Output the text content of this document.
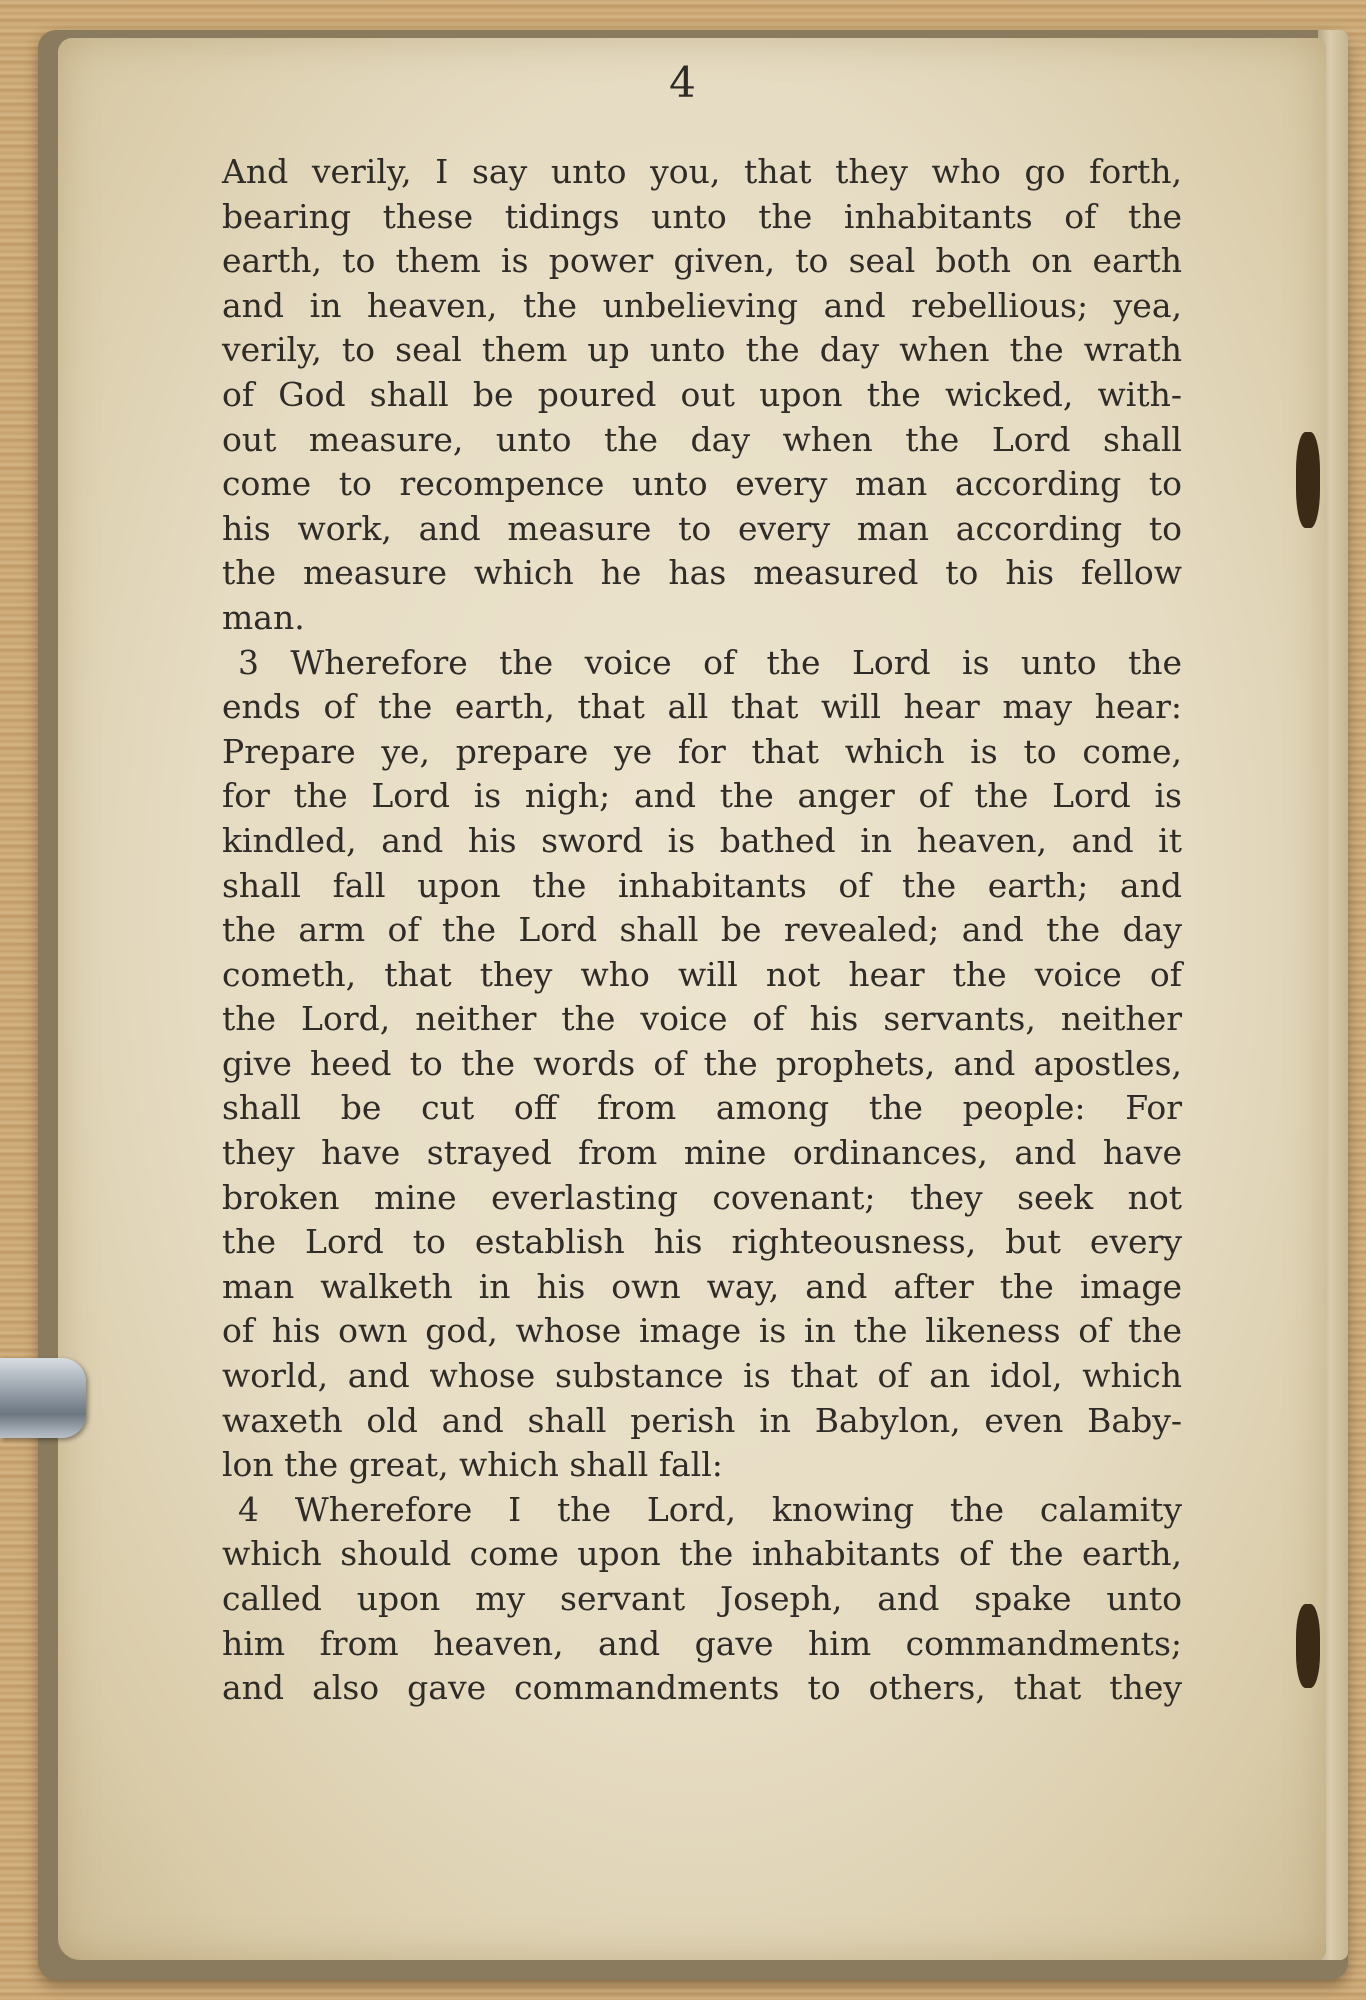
4
And verily, I say unto you, that they who go forth,
bearing these tidings unto the inhabitants of the
earth, to them is power given, to seal both on earth
and in heaven, the unbelieving and rebellious; yea,
verily, to seal them up unto the day when the wrath
of God shall be poured out upon the wicked, with-
out measure, unto the day when the Lord shall
come to recompence unto every man according to
his work, and measure to every man according to
the measure which he has measured to his fellow
man.
3 Wherefore the voice of the Lord is unto the
ends of the earth, that all that will hear may hear:
Prepare ye, prepare ye for that which is to come,
for the Lord is nigh; and the anger of the Lord is
kindled, and his sword is bathed in heaven, and it
shall fall upon the inhabitants of the earth; and
the arm of the Lord shall be revealed; and the day
cometh, that they who will not hear the voice of
the Lord, neither the voice of his servants, neither
give heed to the words of the prophets, and apostles,
shall be cut off from among the people: For
they have strayed from mine ordinances, and have
broken mine everlasting covenant; they seek not
the Lord to establish his righteousness, but every
man walketh in his own way, and after the image
of his own god, whose image is in the likeness of the
world, and whose substance is that of an idol, which
waxeth old and shall perish in Babylon, even Baby-
lon the great, which shall fall:
4 Wherefore I the Lord, knowing the calamity
which should come upon the inhabitants of the earth,
called upon my servant Joseph, and spake unto
him from heaven, and gave him commandments;
and also gave commandments to others, that they
